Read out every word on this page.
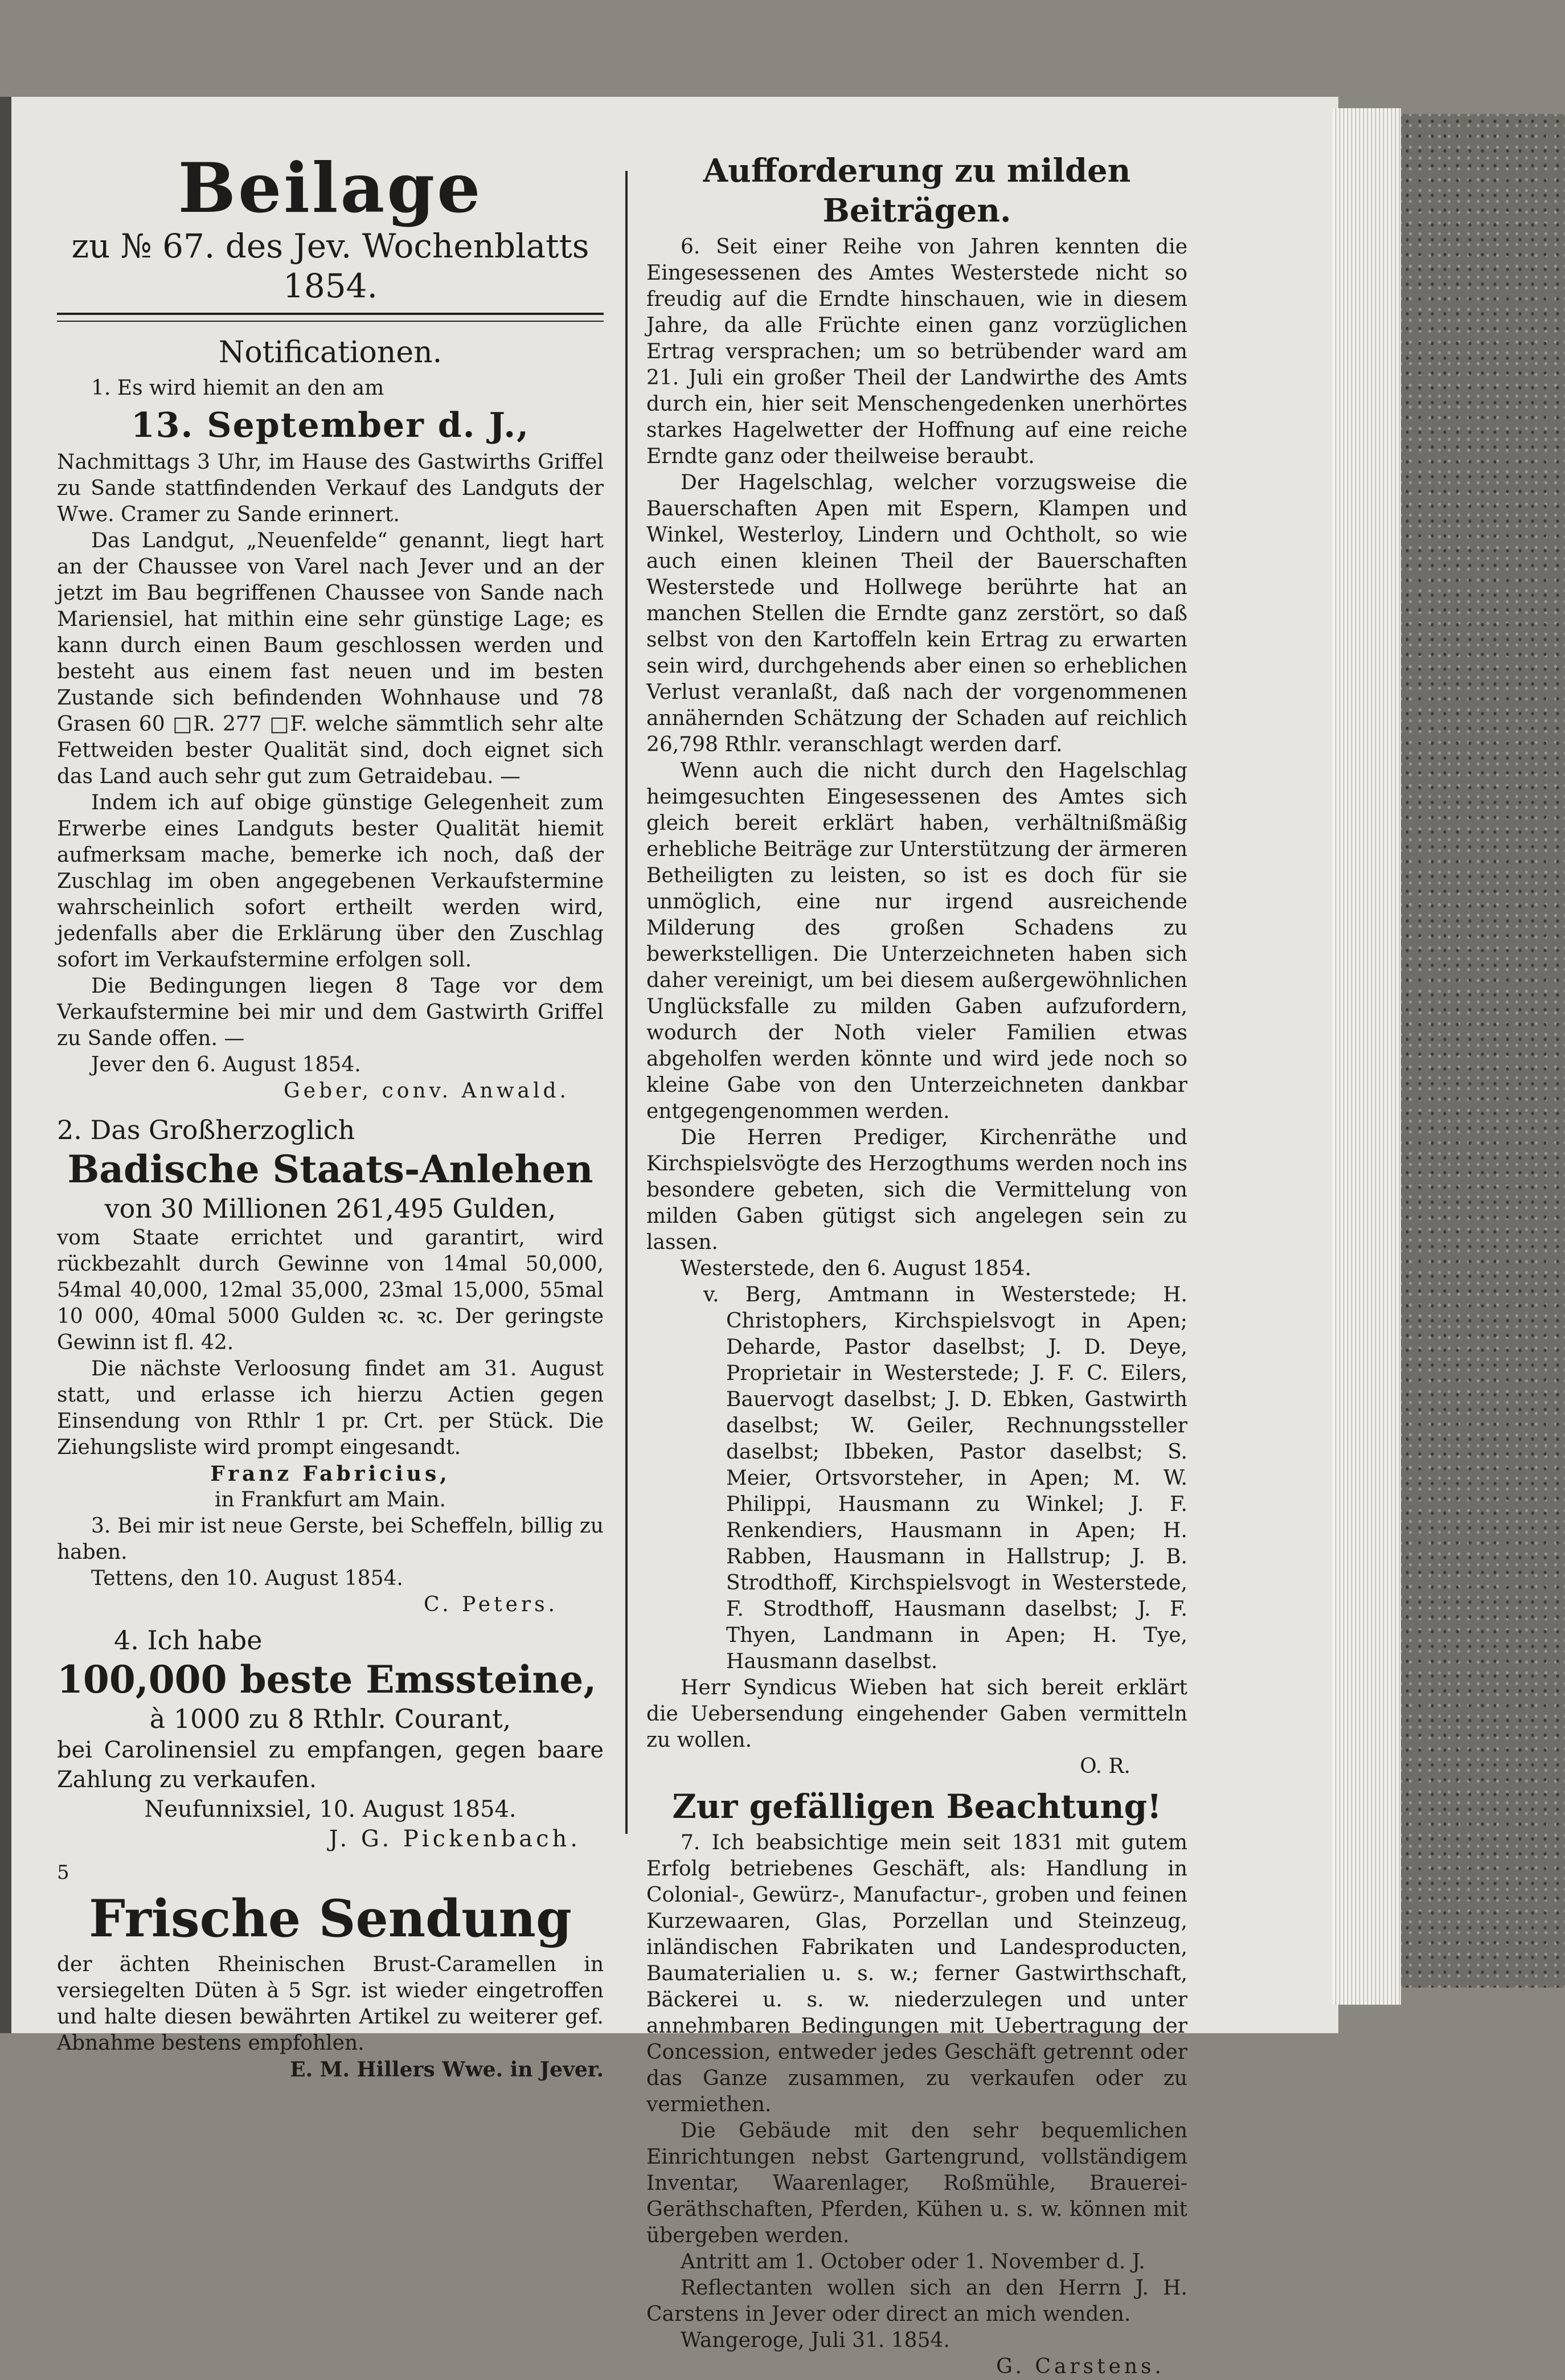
Beilage

zu № 67. des Jev. Wochenblatts 1854.

Notificationen.

1. Es wird hiemit an den am

13. September d. J.,

Nachmittags 3 Uhr, im Hause des Gastwirths Griffel zu Sande stattfindenden Verkauf des Landguts der Wwe. Cramer zu Sande erinnert.

Das Landgut, „Neuenfelde“ genannt, liegt hart an der Chaussee von Varel nach Jever und an der jetzt im Bau begriffenen Chaussee von Sande nach Mariensiel, hat mithin eine sehr günstige Lage; es kann durch einen Baum geschlossen werden und besteht aus einem fast neuen und im besten Zustande sich befindenden Wohnhause und 78 Grasen 60 □R. 277 □F. welche sämmtlich sehr alte Fettweiden bester Qualität sind, doch eignet sich das Land auch sehr gut zum Getraidebau. —

Indem ich auf obige günstige Gelegenheit zum Erwerbe eines Landguts bester Qualität hiemit aufmerksam mache, bemerke ich noch, daß der Zuschlag im oben angegebenen Verkaufstermine wahrscheinlich sofort ertheilt werden wird, jedenfalls aber die Erklärung über den Zuschlag sofort im Verkaufstermine erfolgen soll.

Die Bedingungen liegen 8 Tage vor dem Verkaufstermine bei mir und dem Gastwirth Griffel zu Sande offen. —

Jever den 6. August 1854.

Geber, conv. Anwald.

2. Das Großherzoglich

Badische Staats-Anlehen

von 30 Millionen 261,495 Gulden,

vom Staate errichtet und garantirt, wird rückbezahlt durch Gewinne von 14mal 50,000, 54mal 40,000, 12mal 35,000, 23mal 15,000, 55mal 10 000, 40mal 5000 Gulden ꝛc. ꝛc. Der geringste Gewinn ist fl. 42.

Die nächste Verloosung findet am 31. August statt, und erlasse ich hierzu Actien gegen Einsendung von Rthlr 1 pr. Crt. per Stück. Die Ziehungsliste wird prompt eingesandt.

Franz Fabricius,

in Frankfurt am Main.

3. Bei mir ist neue Gerste, bei Scheffeln, billig zu haben.

Tettens, den 10. August 1854.

C. Peters.

4. Ich habe

100,000 beste Emssteine,

à 1000 zu 8 Rthlr. Courant,

bei Carolinensiel zu empfangen, gegen baare Zahlung zu verkaufen.

Neufunnixsiel, 10. August 1854.

J. G. Pickenbach.

5

Frische Sendung

der ächten Rheinischen Brust-Caramellen in versiegelten Düten à 5 Sgr. ist wieder eingetroffen und halte diesen bewährten Artikel zu weiterer gef. Abnahme bestens empfohlen.

E. M. Hillers Wwe. in Jever.

Aufforderung zu milden Beiträgen.

6. Seit einer Reihe von Jahren kennten die Eingesessenen des Amtes Westerstede nicht so freudig auf die Erndte hinschauen, wie in diesem Jahre, da alle Früchte einen ganz vorzüglichen Ertrag versprachen; um so betrübender ward am 21. Juli ein großer Theil der Landwirthe des Amts durch ein, hier seit Menschengedenken unerhörtes starkes Hagelwetter der Hoffnung auf eine reiche Erndte ganz oder theilweise beraubt.

Der Hagelschlag, welcher vorzugsweise die Bauerschaften Apen mit Espern, Klampen und Winkel, Westerloy, Lindern und Ochtholt, so wie auch einen kleinen Theil der Bauerschaften Westerstede und Hollwege berührte hat an manchen Stellen die Erndte ganz zerstört, so daß selbst von den Kartoffeln kein Ertrag zu erwarten sein wird, durchgehends aber einen so erheblichen Verlust veranlaßt, daß nach der vorgenommenen annähernden Schätzung der Schaden auf reichlich 26,798 Rthlr. veranschlagt werden darf.

Wenn auch die nicht durch den Hagelschlag heimgesuchten Eingesessenen des Amtes sich gleich bereit erklärt haben, verhältnißmäßig erhebliche Beiträge zur Unterstützung der ärmeren Betheiligten zu leisten, so ist es doch für sie unmöglich, eine nur irgend ausreichende Milderung des großen Schadens zu bewerkstelligen. Die Unterzeichneten haben sich daher vereinigt, um bei diesem außergewöhnlichen Unglücksfalle zu milden Gaben aufzufordern, wodurch der Noth vieler Familien etwas abgeholfen werden könnte und wird jede noch so kleine Gabe von den Unterzeichneten dankbar entgegengenommen werden.

Die Herren Prediger, Kirchenräthe und Kirchspielsvögte des Herzogthums werden noch ins besondere gebeten, sich die Vermittelung von milden Gaben gütigst sich angelegen sein zu lassen.

Westerstede, den 6. August 1854.

v. Berg, Amtmann in Westerstede; H. Christophers, Kirchspielsvogt in Apen; Deharde, Pastor daselbst; J. D. Deye, Proprietair in Westerstede; J. F. C. Eilers, Bauervogt daselbst; J. D. Ebken, Gastwirth daselbst; W. Geiler, Rechnungssteller daselbst; Ibbeken, Pastor daselbst; S. Meier, Ortsvorsteher, in Apen; M. W. Philippi, Hausmann zu Winkel; J. F. Renkendiers, Hausmann in Apen; H. Rabben, Hausmann in Hallstrup; J. B. Strodthoff, Kirchspielsvogt in Westerstede, F. Strodthoff, Hausmann daselbst; J. F. Thyen, Landmann in Apen; H. Tye, Hausmann daselbst.

Herr Syndicus Wieben hat sich bereit erklärt die Uebersendung eingehender Gaben vermitteln zu wollen.

O. R.

Zur gefälligen Beachtung!

7. Ich beabsichtige mein seit 1831 mit gutem Erfolg betriebenes Geschäft, als: Handlung in Colonial-, Gewürz-, Manufactur-, groben und feinen Kurzewaaren, Glas, Porzellan und Steinzeug, inländischen Fabrikaten und Landesproducten, Baumaterialien u. s. w.; ferner Gastwirthschaft, Bäckerei u. s. w. niederzulegen und unter annehmbaren Bedingungen mit Uebertragung der Concession, entweder jedes Geschäft getrennt oder das Ganze zusammen, zu verkaufen oder zu vermiethen.

Die Gebäude mit den sehr bequemlichen Einrichtungen nebst Gartengrund, vollständigem Inventar, Waarenlager, Roßmühle, Brauerei-Geräthschaften, Pferden, Kühen u. s. w. können mit übergeben werden.

Antritt am 1. October oder 1. November d. J.

Reflectanten wollen sich an den Herrn J. H. Carstens in Jever oder direct an mich wenden.

Wangeroge, Juli 31. 1854.

G. Carstens.
